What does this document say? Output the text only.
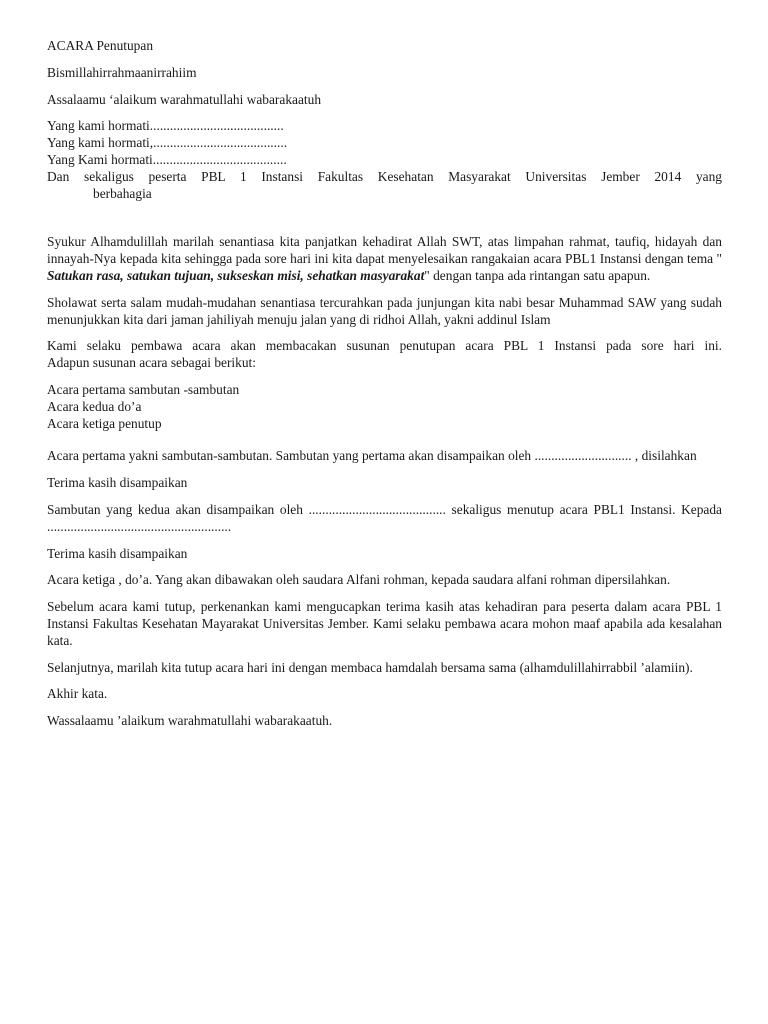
ACARA Penutupan

Bismillahirrahmaanirrahiim

Assalaamu ‘alaikum warahmatullahi wabarakaatuh

Yang kami hormati........................................
Yang kami hormati,........................................
Yang Kami hormati........................................
Dan sekaligus peserta PBL 1 Instansi Fakultas Kesehatan Masyarakat Universitas Jember 2014 yang
berbahagia

Syukur Alhamdulillah marilah senantiasa kita panjatkan kehadirat Allah SWT, atas limpahan rahmat, taufiq, hidayah dan innayah-Nya kepada kita sehingga pada sore hari ini kita dapat menyelesaikan rangakaian acara PBL1 Instansi dengan tema " Satukan rasa, satukan tujuan, sukseskan misi, sehatkan masyarakat" dengan tanpa ada rintangan satu apapun.

Sholawat serta salam mudah-mudahan senantiasa tercurahkan pada junjungan kita nabi besar Muhammad SAW yang sudah menunjukkan kita dari jaman jahiliyah menuju jalan yang di ridhoi Allah, yakni addinul Islam

Kami selaku pembawa acara akan membacakan susunan penutupan acara PBL 1 Instansi pada sore hari ini.
Adapun susunan acara sebagai berikut:
Acara pertama sambutan -sambutan
Acara kedua do’a
Acara ketiga penutup

Acara pertama yakni sambutan-sambutan. Sambutan yang pertama akan disampaikan oleh ............................. , disilahkan

Terima kasih disampaikan

Sambutan yang kedua akan disampaikan oleh ......................................... sekaligus menutup acara PBL1 Instansi. Kepada .......................................................

Terima kasih disampaikan

Acara ketiga , do’a. Yang akan dibawakan oleh saudara Alfani rohman, kepada saudara alfani rohman dipersilahkan.

Sebelum acara kami tutup, perkenankan kami mengucapkan terima kasih atas kehadiran para peserta dalam acara PBL 1 Instansi Fakultas Kesehatan Mayarakat Universitas Jember. Kami selaku pembawa acara mohon maaf apabila ada kesalahan kata.

Selanjutnya, marilah kita tutup acara hari ini dengan membaca hamdalah bersama sama (alhamdulillahirrabbil ’alamiin).

Akhir kata.

Wassalaamu ’alaikum warahmatullahi wabarakaatuh.
